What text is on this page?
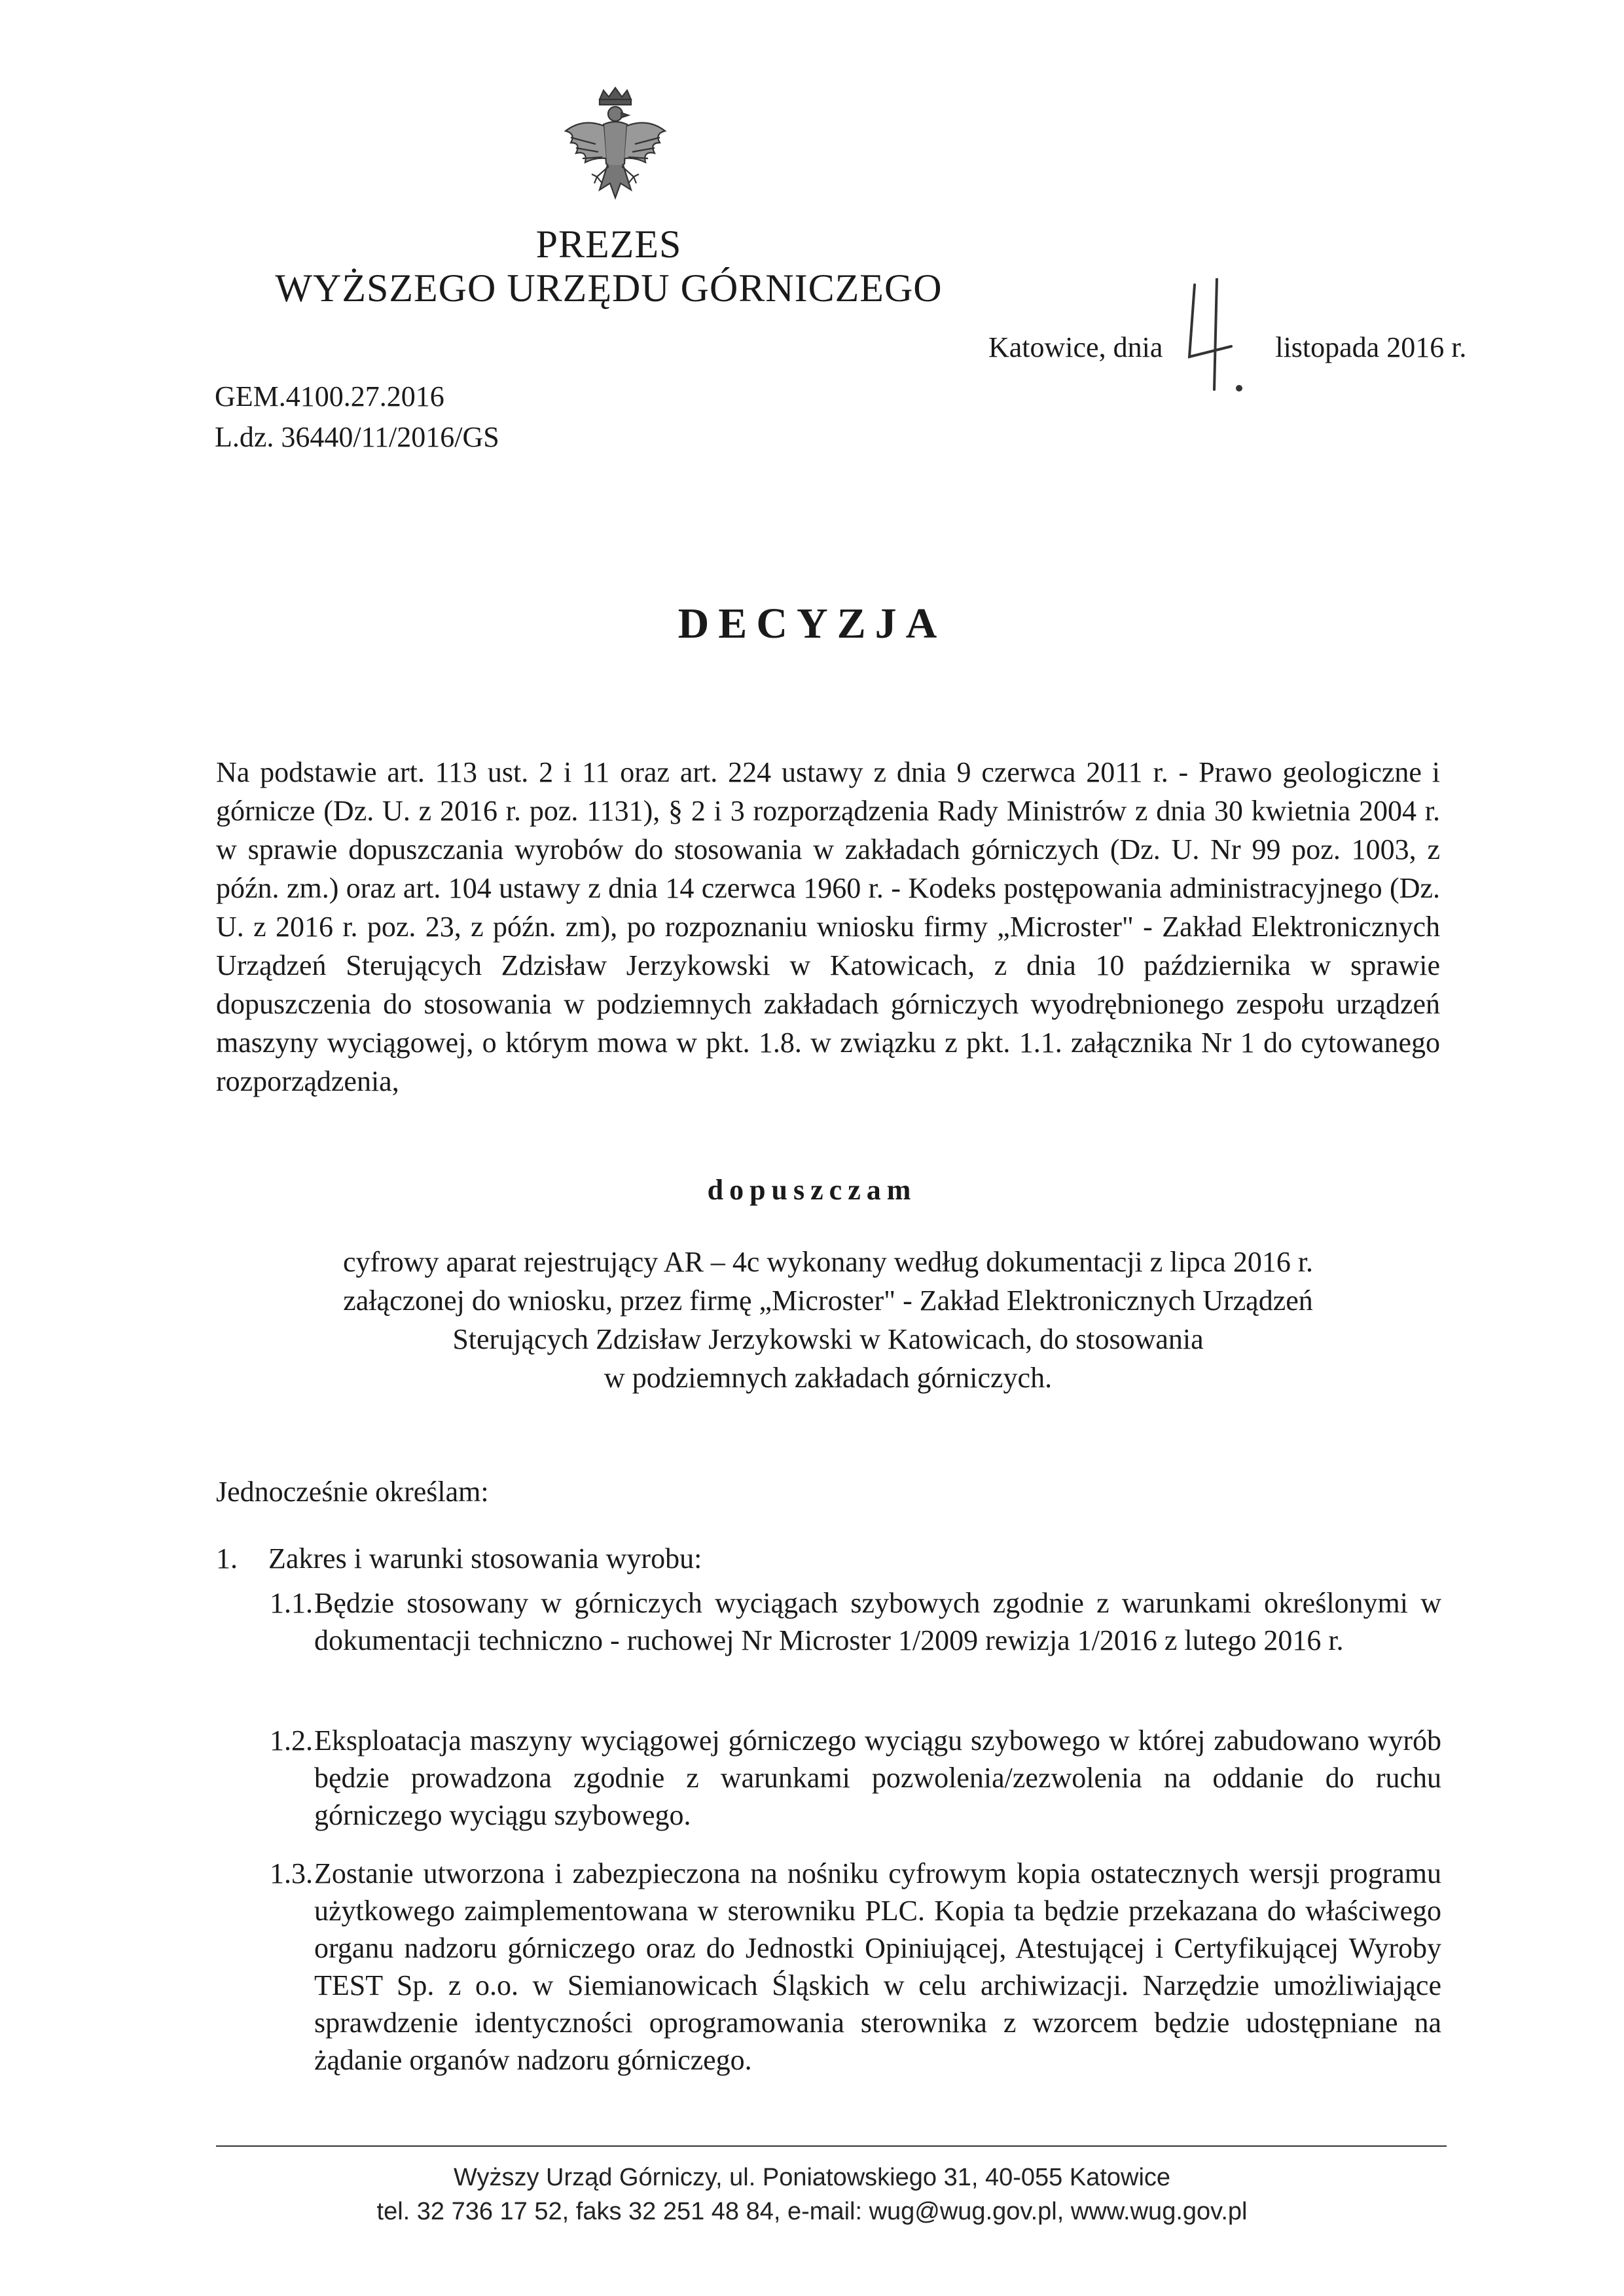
PREZES
WYŻSZEGO URZĘDU GÓRNICZEGO
Katowice, dnia	listopada 2016 r.
GEM.4100.27.2016
L.dz. 36440/11/2016/GS
DECYZJA

Na podstawie art. 113 ust. 2 i 11 oraz art. 224 ustawy z dnia 9 czerwca 2011 r. - Prawo geologiczne i górnicze (Dz. U. z 2016 r. poz. 1131), § 2 i 3 rozporządzenia Rady Ministrów z dnia 30 kwietnia 2004 r. w sprawie dopuszczania wyrobów do stosowania w zakładach górniczych (Dz. U. Nr 99 poz. 1003, z późn. zm.) oraz art. 104 ustawy z dnia 14 czerwca 1960 r. - Kodeks postępowania administracyjnego (Dz. U. z 2016 r. poz. 23, z późn. zm), po rozpoznaniu wniosku firmy „Microster" - Zakład Elektronicznych Urządzeń Sterujących Zdzisław Jerzykowski w Katowicach, z dnia 10 października w sprawie dopuszczenia do stosowania w podziemnych zakładach górniczych wyodrębnionego zespołu urządzeń maszyny wyciągowej, o którym mowa w pkt. 1.8. w związku z pkt. 1.1. załącznika Nr 1 do cytowanego rozporządzenia,

dopuszczam
cyfrowy aparat rejestrujący AR – 4c wykonany według dokumentacji z lipca 2016 r.
załączonej do wniosku, przez firmę „Microster" - Zakład Elektronicznych Urządzeń
Sterujących Zdzisław Jerzykowski w Katowicach, do stosowania
w podziemnych zakładach górniczych.
Jednocześnie określam:
1. Zakres i warunki stosowania wyrobu:
1.1. Będzie stosowany w górniczych wyciągach szybowych zgodnie z warunkami określonymi w dokumentacji techniczno - ruchowej Nr Microster 1/2009 rewizja 1/2016 z lutego 2016 r.
1.2. Eksploatacja maszyny wyciągowej górniczego wyciągu szybowego w której zabudowano wyrób będzie prowadzona zgodnie z warunkami pozwolenia/zezwolenia na oddanie do ruchu górniczego wyciągu szybowego.
1.3. Zostanie utworzona i zabezpieczona na nośniku cyfrowym kopia ostatecznych wersji programu użytkowego zaimplementowana w sterowniku PLC. Kopia ta będzie przekazana do właściwego organu nadzoru górniczego oraz do Jednostki Opiniującej, Atestującej i Certyfikującej Wyroby TEST Sp. z o.o. w Siemianowicach Śląskich w celu archiwizacji. Narzędzie umożliwiające sprawdzenie identyczności oprogramowania sterownika z wzorcem będzie udostępniane na żądanie organów nadzoru górniczego.
Wyższy Urząd Górniczy, ul. Poniatowskiego 31, 40-055 Katowice
tel. 32 736 17 52, faks 32 251 48 84, e-mail: wug@wug.gov.pl, www.wug.gov.pl
